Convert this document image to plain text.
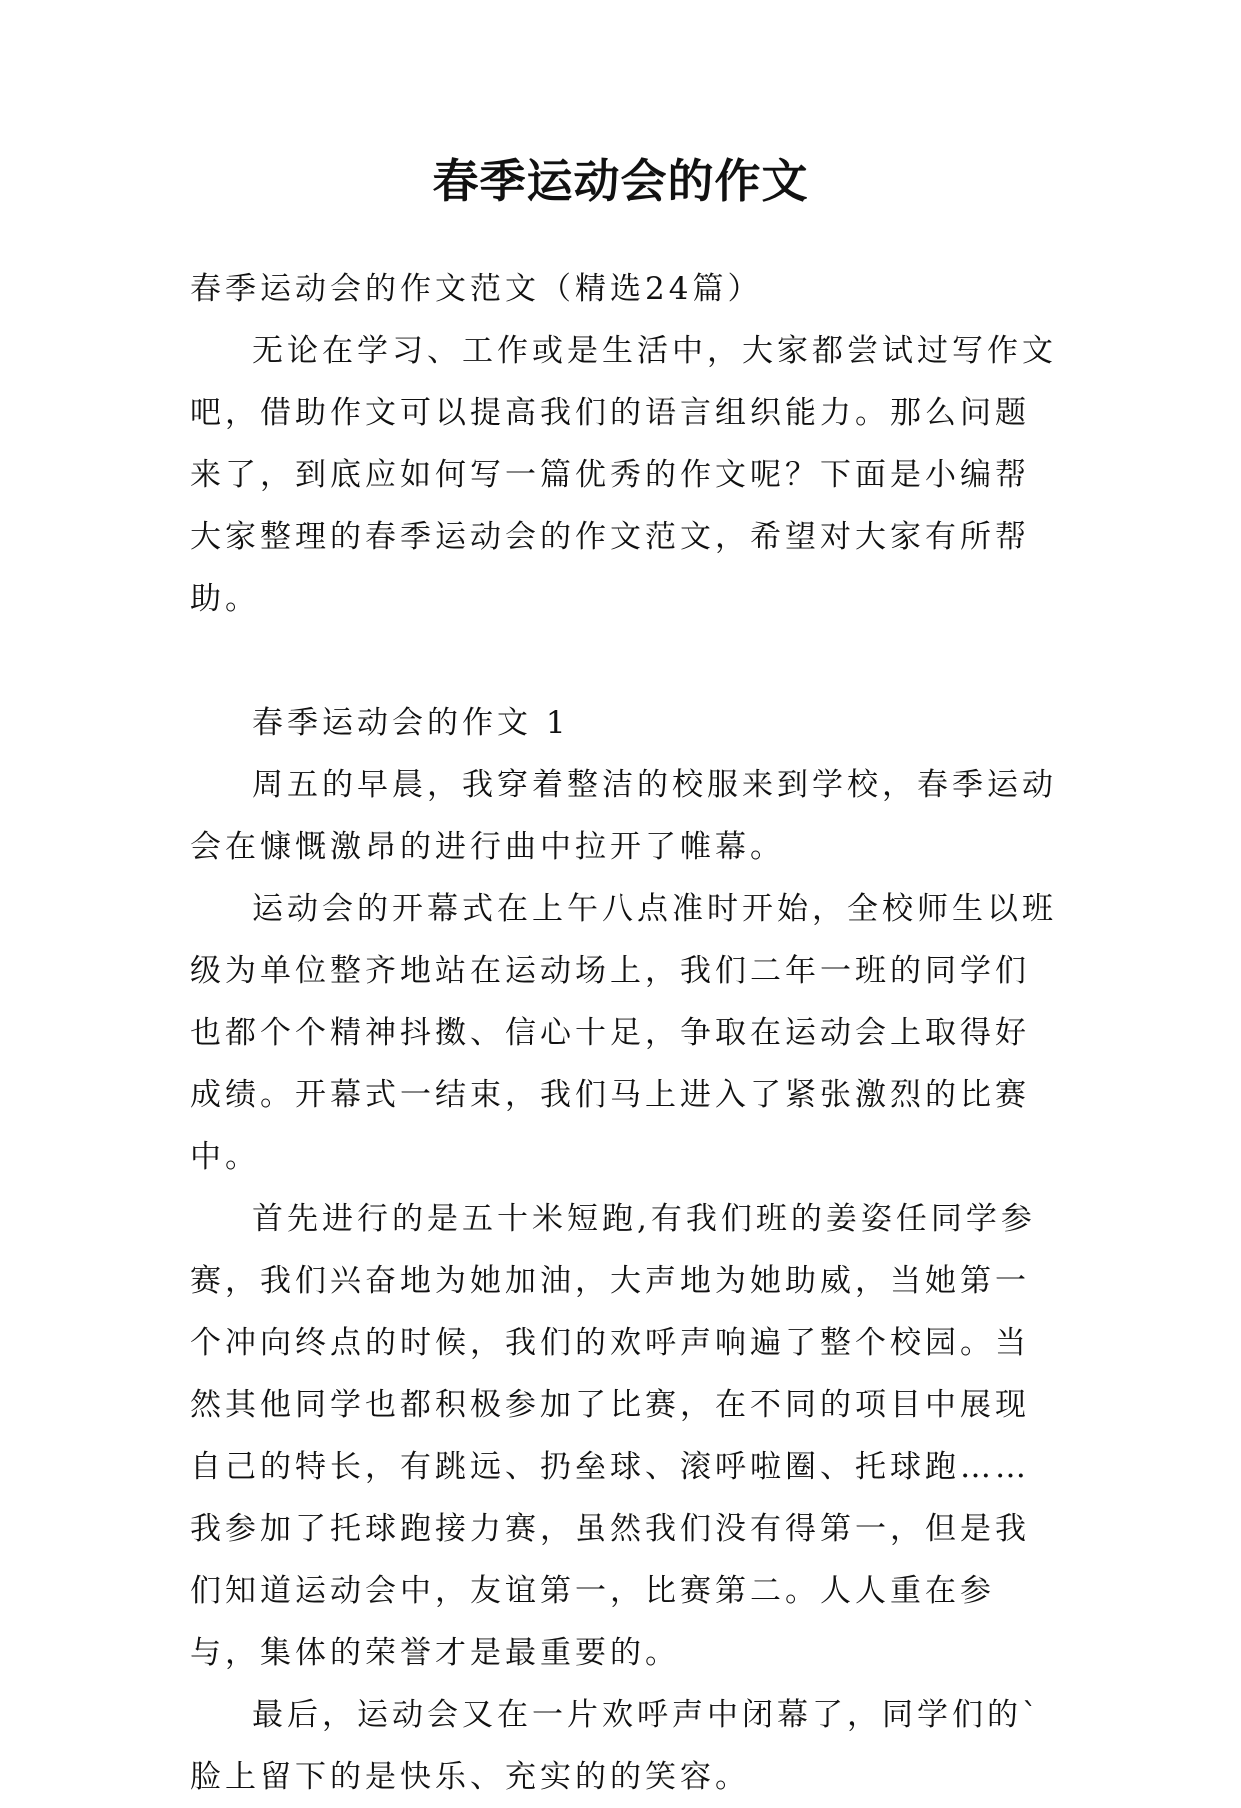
春季运动会的作文

春季运动会的作文范文（精选24篇）

无论在学习、工作或是生活中，大家都尝试过写作文吧，借助作文可以提高我们的语言组织能力。那么问题来了，到底应如何写一篇优秀的作文呢？下面是小编帮大家整理的春季运动会的作文范文，希望对大家有所帮助。

春季运动会的作文 1

周五的早晨，我穿着整洁的校服来到学校，春季运动会在慷慨激昂的进行曲中拉开了帷幕。

运动会的开幕式在上午八点准时开始，全校师生以班级为单位整齐地站在运动场上，我们二年一班的同学们也都个个精神抖擞、信心十足，争取在运动会上取得好成绩。开幕式一结束，我们马上进入了紧张激烈的比赛中。

首先进行的是五十米短跑,有我们班的姜姿任同学参赛，我们兴奋地为她加油，大声地为她助威，当她第一个冲向终点的时候，我们的欢呼声响遍了整个校园。当然其他同学也都积极参加了比赛，在不同的项目中展现自己的特长，有跳远、扔垒球、滚呼啦圈、托球跑……我参加了托球跑接力赛，虽然我们没有得第一，但是我们知道运动会中，友谊第一，比赛第二。人人重在参与，集体的荣誉才是最重要的。

最后，运动会又在一片欢呼声中闭幕了，同学们的`脸上留下的是快乐、充实的的笑容。
